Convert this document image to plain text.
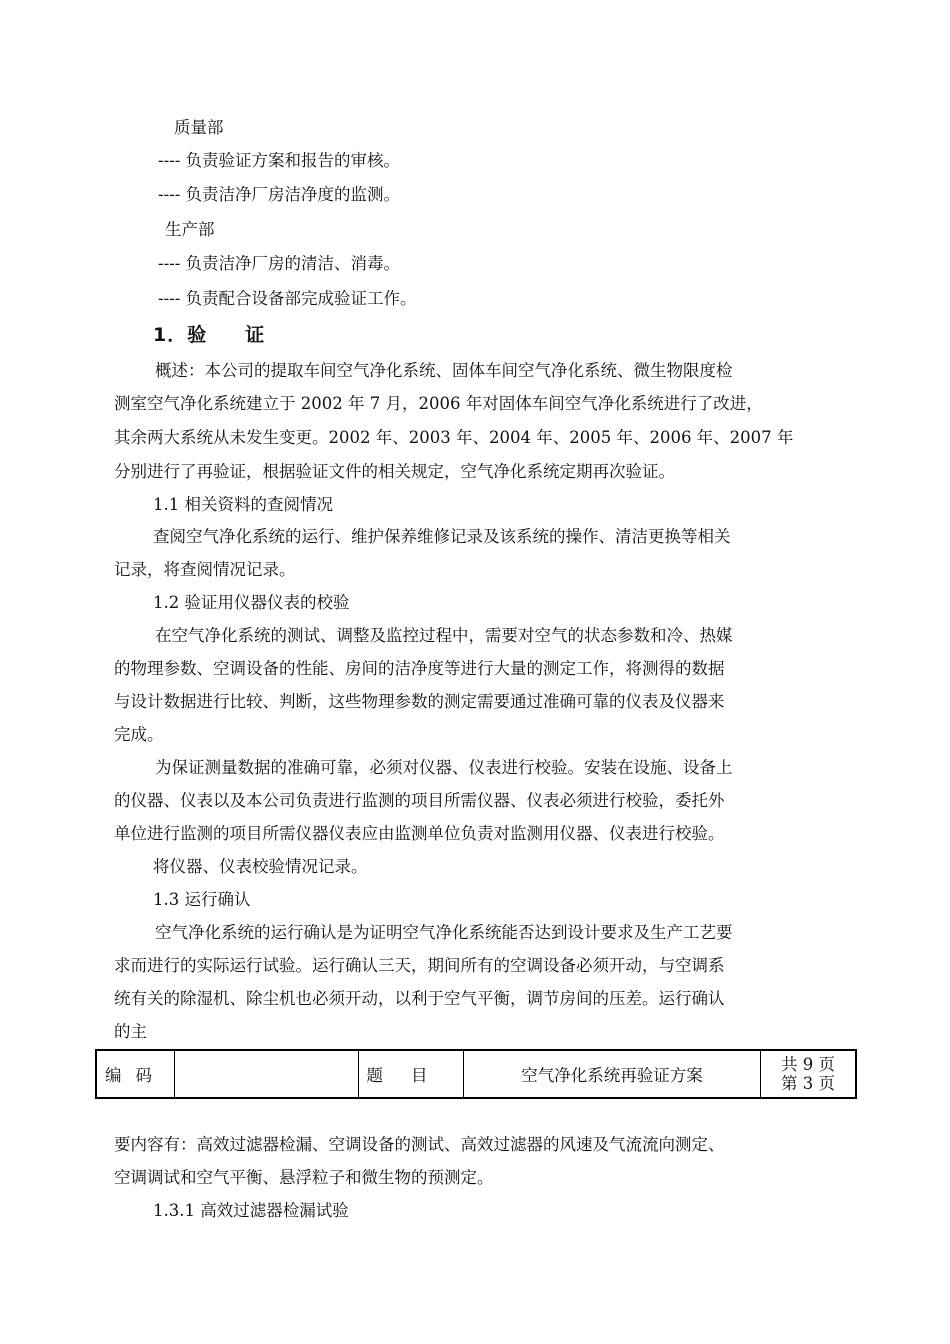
质量部
---- 负责验证方案和报告的审核。
---- 负责洁净厂房洁净度的监测。
生产部
---- 负责洁净厂房的清洁、消毒。
---- 负责配合设备部完成验证工作。
1．验 证
概述：本公司的提取车间空气净化系统、固体车间空气净化系统、微生物限度检
测室空气净化系统建立于 2002 年 7 月，2006 年对固体车间空气净化系统进行了改进，
其余两大系统从未发生变更。2002 年、2003 年、2004 年、2005 年、2006 年、2007 年
分别进行了再验证，根据验证文件的相关规定，空气净化系统定期再次验证。
1.1 相关资料的查阅情况
查阅空气净化系统的运行、维护保养维修记录及该系统的操作、清洁更换等相关
记录，将查阅情况记录。
1.2 验证用仪器仪表的校验
在空气净化系统的测试、调整及监控过程中，需要对空气的状态参数和冷、热媒
的物理参数、空调设备的性能、房间的洁净度等进行大量的测定工作，将测得的数据
与设计数据进行比较、判断，这些物理参数的测定需要通过准确可靠的仪表及仪器来
完成。
为保证测量数据的准确可靠，必须对仪器、仪表进行校验。安装在设施、设备上
的仪器、仪表以及本公司负责进行监测的项目所需仪器、仪表必须进行校验，委托外
单位进行监测的项目所需仪器仪表应由监测单位负责对监测用仪器、仪表进行校验。
将仪器、仪表校验情况记录。
1.3 运行确认
空气净化系统的运行确认是为证明空气净化系统能否达到设计要求及生产工艺要
求而进行的实际运行试验。运行确认三天，期间所有的空调设备必须开动，与空调系
统有关的除湿机、除尘机也必须开动，以利于空气平衡，调节房间的压差。运行确认
的主
编码		题目	空气净化系统再验证方案	
共 9 页
第 3 页
要内容有：高效过滤器检漏、空调设备的测试、高效过滤器的风速及气流流向测定、
空调调试和空气平衡、悬浮粒子和微生物的预测定。
1.3.1 高效过滤器检漏试验
